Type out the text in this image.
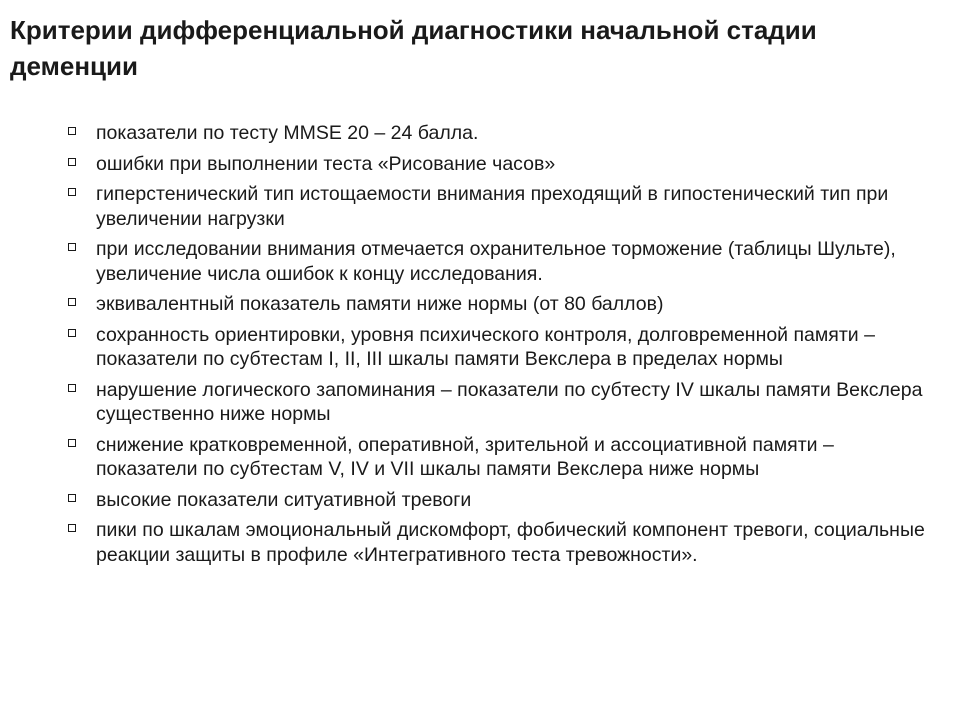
Критерии дифференциальной диагностики начальной стадии деменции
показатели по тесту MMSE 20 – 24 балла.
ошибки при выполнении теста «Рисование часов»
гиперстенический тип истощаемости внимания преходящий в гипостенический тип при увеличении нагрузки
при исследовании внимания отмечается охранительное торможение (таблицы Шульте), увеличение числа ошибок к концу исследования.
эквивалентный показатель памяти ниже нормы (от 80 баллов)
сохранность ориентировки, уровня психического контроля, долговременной памяти – показатели по субтестам I, II, III шкалы памяти Векслера в пределах нормы
нарушение логического запоминания – показатели по субтесту IV шкалы памяти Векслера существенно ниже нормы
снижение кратковременной, оперативной, зрительной и ассоциативной памяти – показатели по субтестам V, IV и VII шкалы памяти Векслера ниже нормы
высокие показатели ситуативной тревоги
пики по шкалам эмоциональный дискомфорт, фобический компонент тревоги, социальные реакции защиты в профиле «Интегративного теста тревожности».
